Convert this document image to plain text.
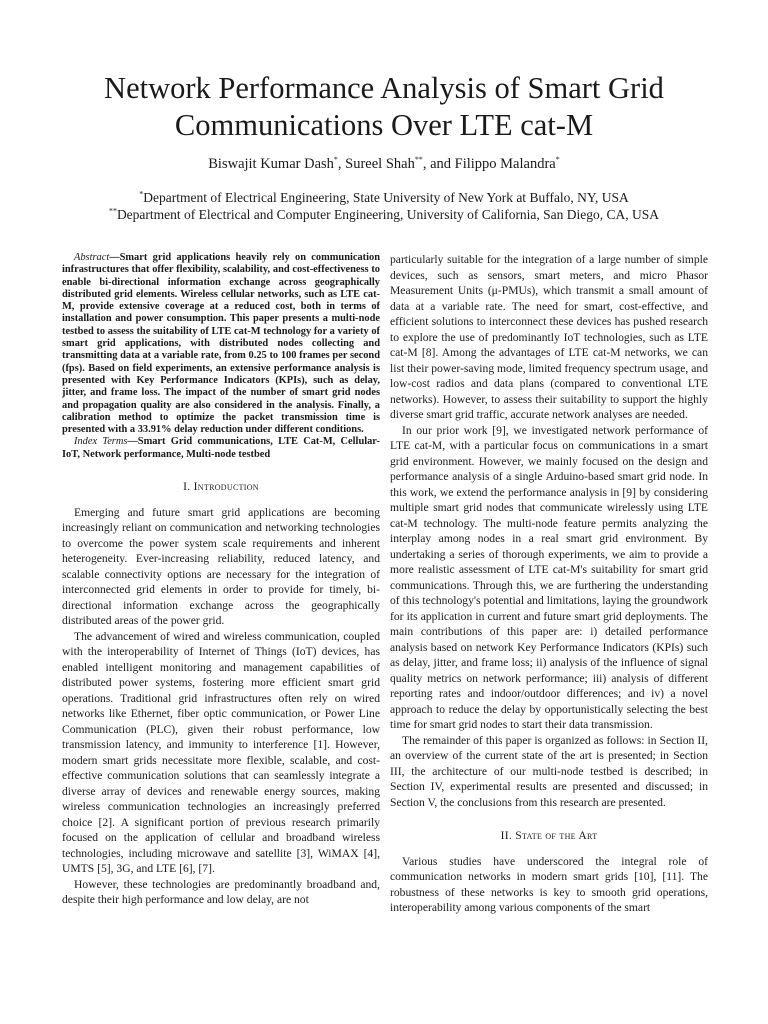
Network Performance Analysis of Smart Grid Communications Over LTE cat-M
Biswajit Kumar Dash*, Sureel Shah**, and Filippo Malandra*
*Department of Electrical Engineering, State University of New York at Buffalo, NY, USA
**Department of Electrical and Computer Engineering, University of California, San Diego, CA, USA

Abstract—Smart grid applications heavily rely on communication infrastructures that offer flexibility, scalability, and cost-effectiveness to enable bi-directional information exchange across geographically distributed grid elements. Wireless cellular networks, such as LTE cat-M, provide extensive coverage at a reduced cost, both in terms of installation and power consumption. This paper presents a multi-node testbed to assess the suitability of LTE cat-M technology for a variety of smart grid applications, with distributed nodes collecting and transmitting data at a variable rate, from 0.25 to 100 frames per second (fps). Based on field experiments, an extensive performance analysis is presented with Key Performance Indicators (KPIs), such as delay, jitter, and frame loss. The impact of the number of smart grid nodes and propagation quality are also considered in the analysis. Finally, a calibration method to optimize the packet transmission time is presented with a 33.91% delay reduction under different conditions.

Index Terms—Smart Grid communications, LTE Cat-M, Cellular-IoT, Network performance, Multi-node testbed

I. Introduction

Emerging and future smart grid applications are becoming increasingly reliant on communication and networking technologies to overcome the power system scale requirements and inherent heterogeneity. Ever-increasing reliability, reduced latency, and scalable connectivity options are necessary for the integration of interconnected grid elements in order to provide for timely, bi-directional information exchange across the geographically distributed areas of the power grid.

The advancement of wired and wireless communication, coupled with the interoperability of Internet of Things (IoT) devices, has enabled intelligent monitoring and management capabilities of distributed power systems, fostering more efficient smart grid operations. Traditional grid infrastructures often rely on wired networks like Ethernet, fiber optic communication, or Power Line Communication (PLC), given their robust performance, low transmission latency, and immunity to interference [1]. However, modern smart grids necessitate more flexible, scalable, and cost-effective communication solutions that can seamlessly integrate a diverse array of devices and renewable energy sources, making wireless communication technologies an increasingly preferred choice [2]. A significant portion of previous research primarily focused on the application of cellular and broadband wireless technologies, including microwave and satellite [3], WiMAX [4], UMTS [5], 3G, and LTE [6], [7].

However, these technologies are predominantly broadband and, despite their high performance and low delay, are not

particularly suitable for the integration of a large number of simple devices, such as sensors, smart meters, and micro Phasor Measurement Units (μ-PMUs), which transmit a small amount of data at a variable rate. The need for smart, cost-effective, and efficient solutions to interconnect these devices has pushed research to explore the use of predominantly IoT technologies, such as LTE cat-M [8]. Among the advantages of LTE cat-M networks, we can list their power-saving mode, limited frequency spectrum usage, and low-cost radios and data plans (compared to conventional LTE networks). However, to assess their suitability to support the highly diverse smart grid traffic, accurate network analyses are needed.

In our prior work [9], we investigated network performance of LTE cat-M, with a particular focus on communications in a smart grid environment. However, we mainly focused on the design and performance analysis of a single Arduino-based smart grid node. In this work, we extend the performance analysis in [9] by considering multiple smart grid nodes that communicate wirelessly using LTE cat-M technology. The multi-node feature permits analyzing the interplay among nodes in a real smart grid environment. By undertaking a series of thorough experiments, we aim to provide a more realistic assessment of LTE cat-M's suitability for smart grid communications. Through this, we are furthering the understanding of this technology's potential and limitations, laying the groundwork for its application in current and future smart grid deployments. The main contributions of this paper are: i) detailed performance analysis based on network Key Performance Indicators (KPIs) such as delay, jitter, and frame loss; ii) analysis of the influence of signal quality metrics on network performance; iii) analysis of different reporting rates and indoor/outdoor differences; and iv) a novel approach to reduce the delay by opportunistically selecting the best time for smart grid nodes to start their data transmission.

The remainder of this paper is organized as follows: in Section II, an overview of the current state of the art is presented; in Section III, the architecture of our multi-node testbed is described; in Section IV, experimental results are presented and discussed; in Section V, the conclusions from this research are presented.

II. State of the Art

Various studies have underscored the integral role of communication networks in modern smart grids [10], [11]. The robustness of these networks is key to smooth grid operations, interoperability among various components of the smart
